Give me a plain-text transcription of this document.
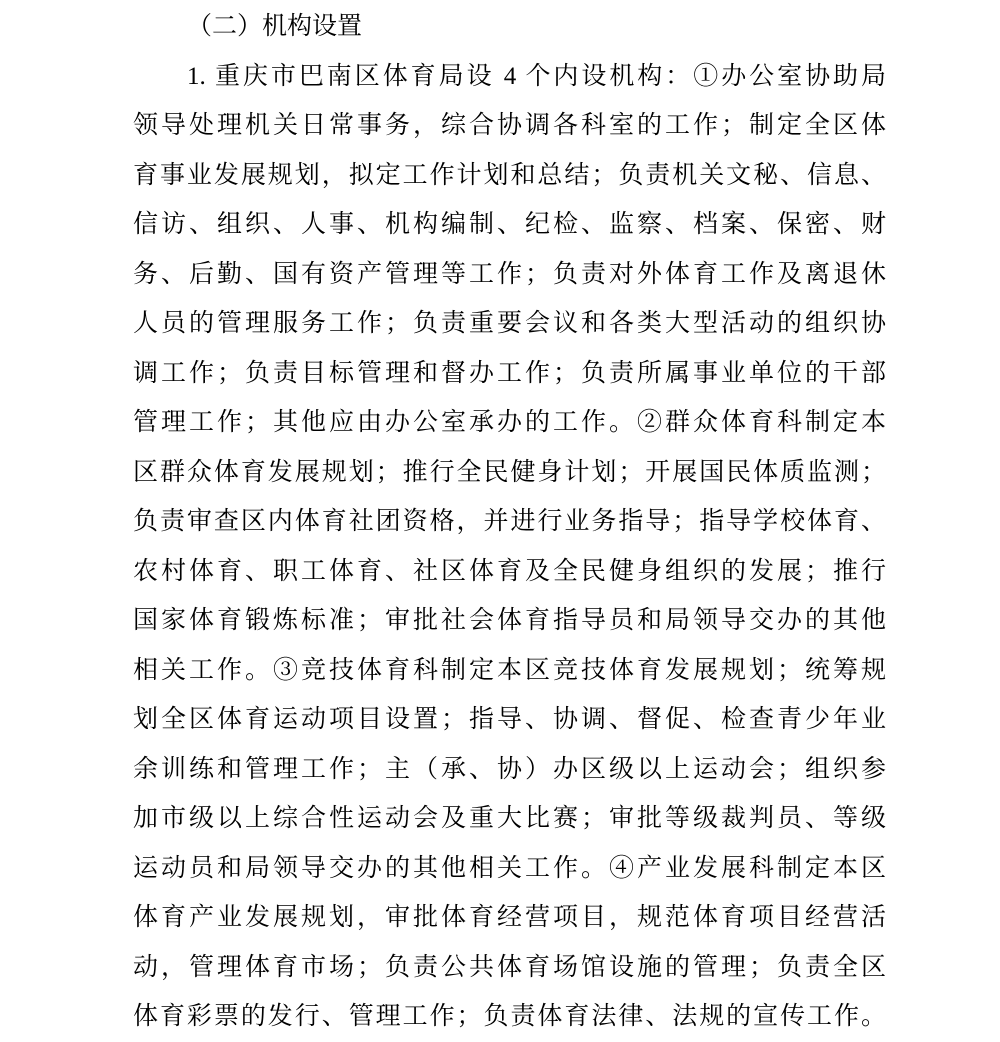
（二）机构设置
1. 重庆市巴南区体育局设 4 个内设机构：①办公室协助局
领导处理机关日常事务，综合协调各科室的工作；制定全区体
育事业发展规划，拟定工作计划和总结；负责机关文秘、信息、
信访、组织、人事、机构编制、纪检、监察、档案、保密、财
务、后勤、国有资产管理等工作；负责对外体育工作及离退休
人员的管理服务工作；负责重要会议和各类大型活动的组织协
调工作；负责目标管理和督办工作；负责所属事业单位的干部
管理工作；其他应由办公室承办的工作。②群众体育科制定本
区群众体育发展规划；推行全民健身计划；开展国民体质监测；
负责审查区内体育社团资格，并进行业务指导；指导学校体育、
农村体育、职工体育、社区体育及全民健身组织的发展；推行
国家体育锻炼标准；审批社会体育指导员和局领导交办的其他
相关工作。③竞技体育科制定本区竞技体育发展规划；统筹规
划全区体育运动项目设置；指导、协调、督促、检查青少年业
余训练和管理工作；主（承、协）办区级以上运动会；组织参
加市级以上综合性运动会及重大比赛；审批等级裁判员、等级
运动员和局领导交办的其他相关工作。④产业发展科制定本区
体育产业发展规划，审批体育经营项目，规范体育项目经营活
动，管理体育市场；负责公共体育场馆设施的管理；负责全区
体育彩票的发行、管理工作；负责体育法律、法规的宣传工作。
